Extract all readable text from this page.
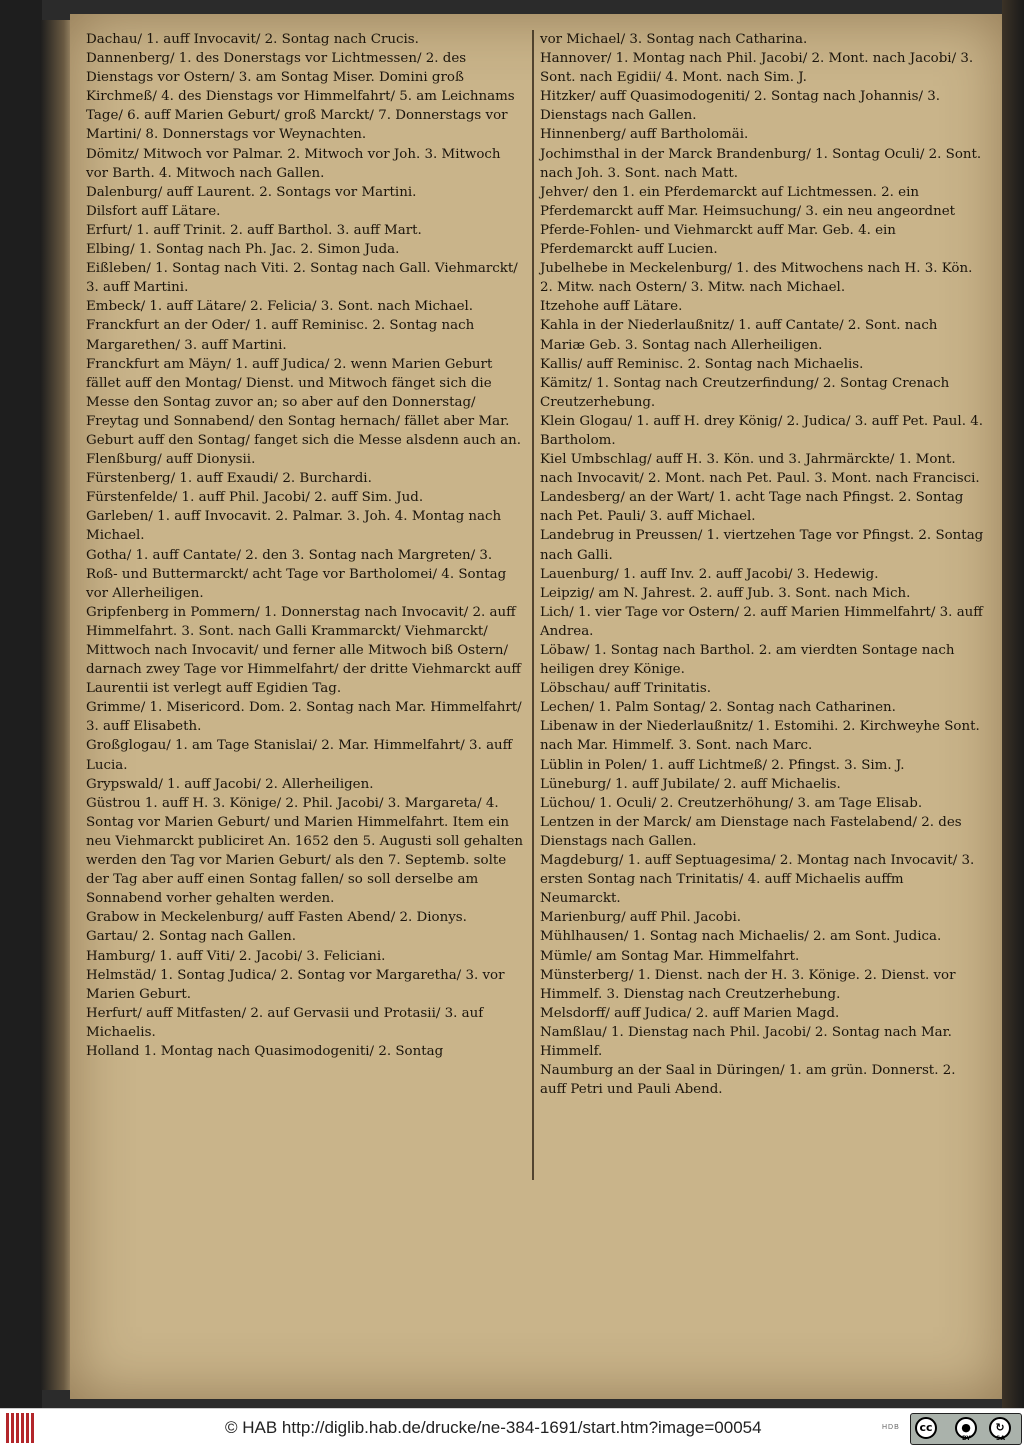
Dachau/ 1. auff Invocavit/ 2. Sontag nach Crucis.

Dannenberg/ 1. des Donerstags vor Lichtmessen/ 2. des Dienstags vor Ostern/ 3. am Sontag Miser. Domini groß Kirchmeß/ 4. des Dienstags vor Himmelfahrt/ 5. am Leichnams Tage/ 6. auff Marien Geburt/ groß Marckt/ 7. Donnerstags vor Martini/ 8. Donnerstags vor Weynachten.

Dömitz/ Mitwoch vor Palmar. 2. Mitwoch vor Joh. 3. Mitwoch vor Barth. 4. Mitwoch nach Gallen.

Dalenburg/ auff Laurent. 2. Sontags vor Martini.

Dilsfort auff Lätare.

Erfurt/ 1. auff Trinit. 2. auff Barthol. 3. auff Mart.

Elbing/ 1. Sontag nach Ph. Jac. 2. Simon Juda.

Eißleben/ 1. Sontag nach Viti. 2. Sontag nach Gall. Viehmarckt/ 3. auff Martini.

Embeck/ 1. auff Lätare/ 2. Felicia/ 3. Sont. nach Michael.

Franckfurt an der Oder/ 1. auff Reminisc. 2. Sontag nach Margarethen/ 3. auff Martini.

Franckfurt am Mäyn/ 1. auff Judica/ 2. wenn Marien Geburt fället auff den Montag/ Dienst. und Mitwoch fänget sich die Messe den Sontag zuvor an; so aber auf den Donnerstag/ Freytag und Sonnabend/ den Sontag hernach/ fället aber Mar. Geburt auff den Sontag/ fanget sich die Messe alsdenn auch an.

Flenßburg/ auff Dionysii.

Fürstenberg/ 1. auff Exaudi/ 2. Burchardi.

Fürstenfelde/ 1. auff Phil. Jacobi/ 2. auff Sim. Jud.

Garleben/ 1. auff Invocavit. 2. Palmar. 3. Joh. 4. Montag nach Michael.

Gotha/ 1. auff Cantate/ 2. den 3. Sontag nach Margreten/ 3. Roß- und Buttermarckt/ acht Tage vor Bartholomei/ 4. Sontag vor Allerheiligen.

Gripfenberg in Pommern/ 1. Donnerstag nach Invocavit/ 2. auff Himmelfahrt. 3. Sont. nach Galli Krammarckt/ Viehmarckt/ Mittwoch nach Invocavit/ und ferner alle Mitwoch biß Ostern/ darnach zwey Tage vor Himmelfahrt/ der dritte Viehmarckt auff Laurentii ist verlegt auff Egidien Tag.

Grimme/ 1. Misericord. Dom. 2. Sontag nach Mar. Himmelfahrt/ 3. auff Elisabeth.

Großglogau/ 1. am Tage Stanislai/ 2. Mar. Himmelfahrt/ 3. auff Lucia.

Grypswald/ 1. auff Jacobi/ 2. Allerheiligen.

Güstrou 1. auff H. 3. Könige/ 2. Phil. Jacobi/ 3. Margareta/ 4. Sontag vor Marien Geburt/ und Marien Himmelfahrt. Item ein neu Viehmarckt publiciret An. 1652 den 5. Augusti soll gehalten werden den Tag vor Marien Geburt/ als den 7. Septemb. solte der Tag aber auff einen Sontag fallen/ so soll derselbe am Sonnabend vorher gehalten werden.

Grabow in Meckelenburg/ auff Fasten Abend/ 2. Dionys.

Gartau/ 2. Sontag nach Gallen.

Hamburg/ 1. auff Viti/ 2. Jacobi/ 3. Feliciani.

Helmstäd/ 1. Sontag Judica/ 2. Sontag vor Margaretha/ 3. vor Marien Geburt.

Herfurt/ auff Mitfasten/ 2. auf Gervasii und Protasii/ 3. auf Michaelis.

Holland 1. Montag nach Quasimodogeniti/ 2. Sontag

vor Michael/ 3. Sontag nach Catharina.

Hannover/ 1. Montag nach Phil. Jacobi/ 2. Mont. nach Jacobi/ 3. Sont. nach Egidii/ 4. Mont. nach Sim. J.

Hitzker/ auff Quasimodogeniti/ 2. Sontag nach Johannis/ 3. Dienstags nach Gallen.

Hinnenberg/ auff Bartholomäi.

Jochimsthal in der Marck Brandenburg/ 1. Sontag Oculi/ 2. Sont. nach Joh. 3. Sont. nach Matt.

Jehver/ den 1. ein Pferdemarckt auf Lichtmessen. 2. ein Pferdemarckt auff Mar. Heimsuchung/ 3. ein neu angeordnet Pferde-Fohlen- und Viehmarckt auff Mar. Geb. 4. ein Pferdemarckt auff Lucien.

Jubelhebe in Meckelenburg/ 1. des Mitwochens nach H. 3. Kön. 2. Mitw. nach Ostern/ 3. Mitw. nach Michael.

Itzehohe auff Lätare.

Kahla in der Niederlaußnitz/ 1. auff Cantate/ 2. Sont. nach Mariæ Geb. 3. Sontag nach Allerheiligen.

Kallis/ auff Reminisc. 2. Sontag nach Michaelis.

Kämitz/ 1. Sontag nach Creutzerfindung/ 2. Sontag Crenach Creutzerhebung.

Klein Glogau/ 1. auff H. drey König/ 2. Judica/ 3. auff Pet. Paul. 4. Bartholom.

Kiel Umbschlag/ auff H. 3. Kön. und 3. Jahrmärckte/ 1. Mont. nach Invocavit/ 2. Mont. nach Pet. Paul. 3. Mont. nach Francisci.

Landesberg/ an der Wart/ 1. acht Tage nach Pfingst. 2. Sontag nach Pet. Pauli/ 3. auff Michael.

Landebrug in Preussen/ 1. viertzehen Tage vor Pfingst. 2. Sontag nach Galli.

Lauenburg/ 1. auff Inv. 2. auff Jacobi/ 3. Hedewig.

Leipzig/ am N. Jahrest. 2. auff Jub. 3. Sont. nach Mich.

Lich/ 1. vier Tage vor Ostern/ 2. auff Marien Himmelfahrt/ 3. auff Andrea.

Löbaw/ 1. Sontag nach Barthol. 2. am vierdten Sontage nach heiligen drey Könige.

Löbschau/ auff Trinitatis.

Lechen/ 1. Palm Sontag/ 2. Sontag nach Catharinen.

Libenaw in der Niederlaußnitz/ 1. Estomihi. 2. Kirchweyhe Sont. nach Mar. Himmelf. 3. Sont. nach Marc.

Lüblin in Polen/ 1. auff Lichtmeß/ 2. Pfingst. 3. Sim. J.

Lüneburg/ 1. auff Jubilate/ 2. auff Michaelis.

Lüchou/ 1. Oculi/ 2. Creutzerhöhung/ 3. am Tage Elisab.

Lentzen in der Marck/ am Dienstage nach Fastelabend/ 2. des Dienstags nach Gallen.

Magdeburg/ 1. auff Septuagesima/ 2. Montag nach Invocavit/ 3. ersten Sontag nach Trinitatis/ 4. auff Michaelis auffm Neumarckt.

Marienburg/ auff Phil. Jacobi.

Mühlhausen/ 1. Sontag nach Michaelis/ 2. am Sont. Judica.

Mümle/ am Sontag Mar. Himmelfahrt.

Münsterberg/ 1. Dienst. nach der H. 3. Könige. 2. Dienst. vor Himmelf. 3. Dienstag nach Creutzerhebung.

Melsdorff/ auff Judica/ 2. auff Marien Magd.

Namßlau/ 1. Dienstag nach Phil. Jacobi/ 2. Sontag nach Mar. Himmelf.

Naumburg an der Saal in Düringen/ 1. am grün. Donnerst. 2. auff Petri und Pauli Abend.

© HAB http://diglib.hab.de/drucke/ne-384-1691/start.htm?image=00054	HDB	cc	●	↻
BY	SA
